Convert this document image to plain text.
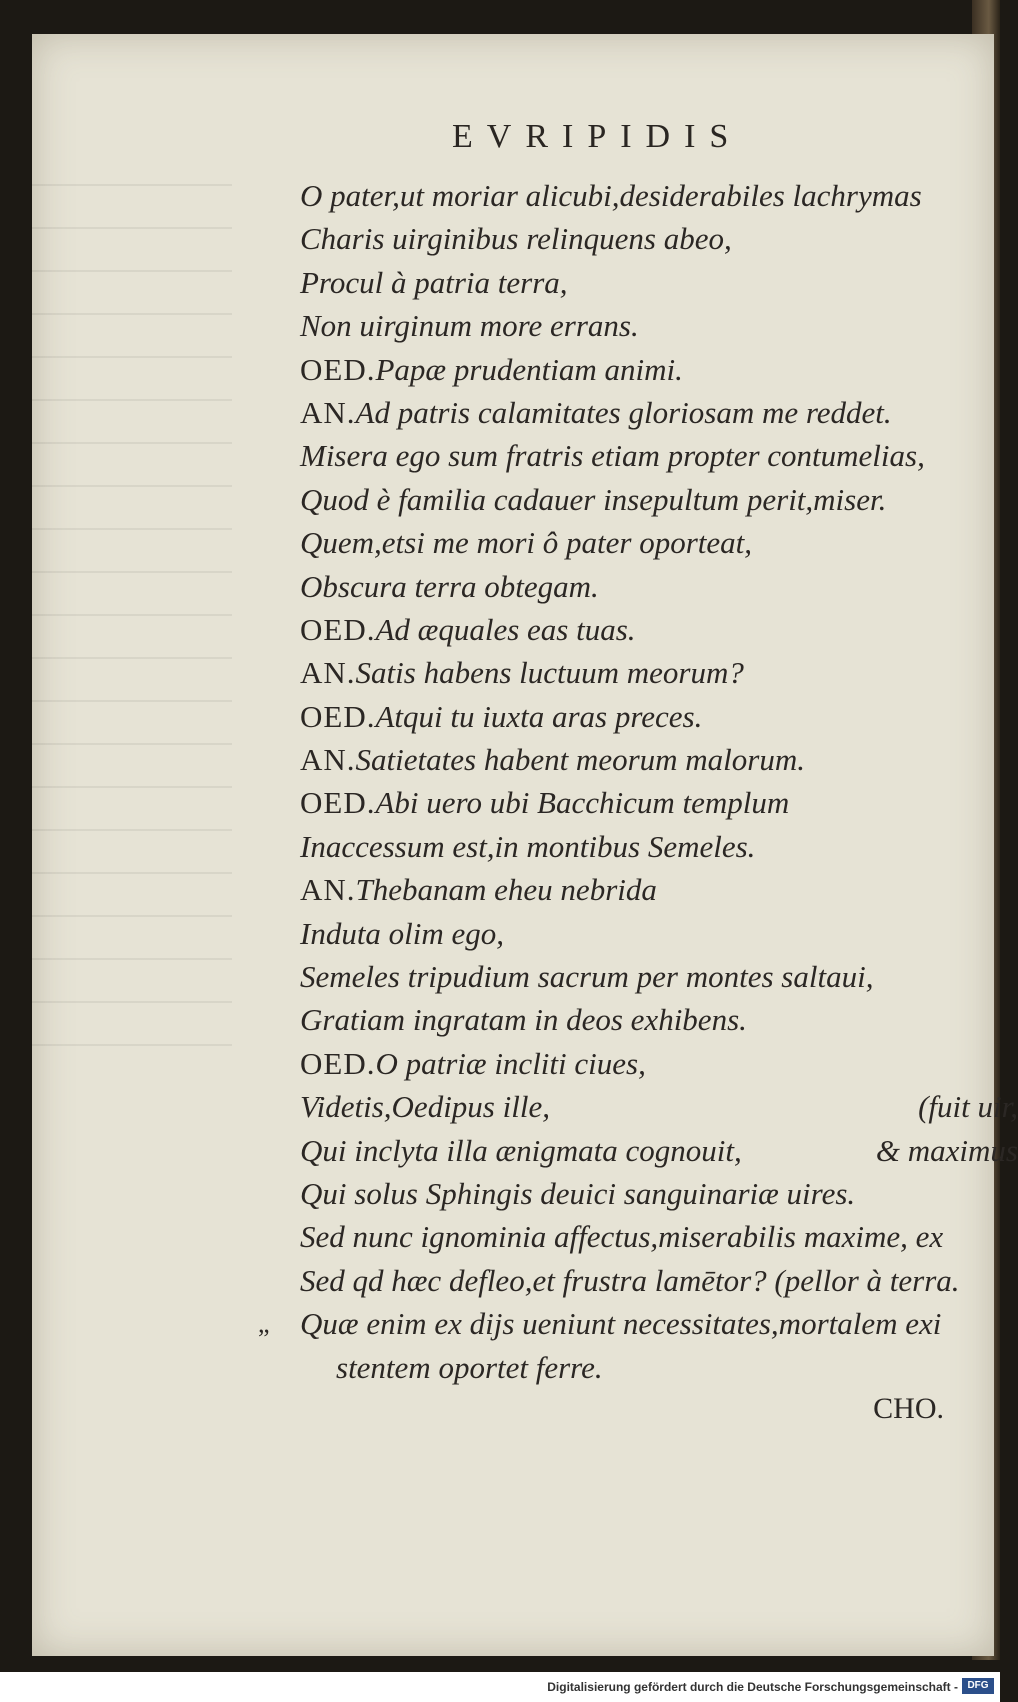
EVRIPIDIS
O pater,ut moriar alicubi,desiderabiles lachrymas
Charis uirginibus relinquens abeo,
Procul à patria terra,
Non uirginum more errans.
OED.Papæ prudentiam animi.
AN.Ad patris calamitates gloriosam me reddet.
Misera ego sum fratris etiam propter contumelias,
Quod è familia cadauer insepultum perit,miser.
Quem,etsi me mori ô pater oporteat,
Obscura terra obtegam.
OED.Ad æquales eas tuas.
AN.Satis habens luctuum meorum?
OED.Atqui tu iuxta aras preces.
AN.Satietates habent meorum malorum.
OED.Abi uero ubi Bacchicum templum
Inaccessum est,in montibus Semeles.
AN.Thebanam eheu nebrida
Induta olim ego,
Semeles tripudium sacrum per montes saltaui,
Gratiam ingratam in deos exhibens.
OED.O patriæ incliti ciues,
Videtis,Oedipus ille,	(fuit uir,
Qui inclyta illa ænigmata cognouit,	& maximus
Qui solus Sphingis deuici sanguinariæ uires.
Sed nunc ignominia affectus,miserabilis maxime, ex
Sed qd hæc defleo,et frustra lamētor? (pellor à terra.
„ Quæ enim ex dijs ueniunt necessitates,mortalem exi
stentem oportet ferre.
CHO.
Digitalisierung gefördert durch die Deutsche Forschungsgemeinschaft - DFG
